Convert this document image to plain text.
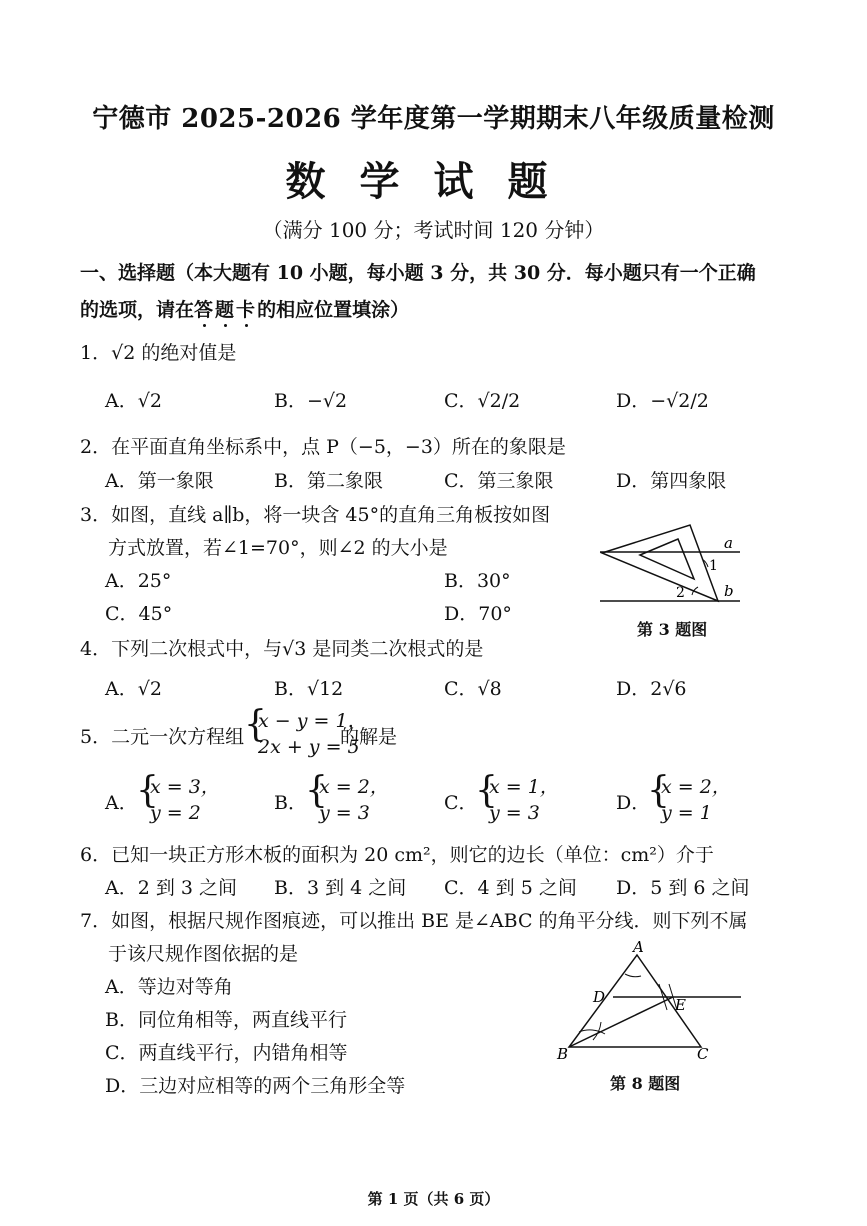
宁德市 2025-2026 学年度第一学期期末八年级质量检测
数学试题
（满分 100 分；考试时间 120 分钟）
一、选择题（本大题有 10 小题，每小题 3 分，共 30 分．每小题只有一个正确
的选项，请在答题卡的相应位置填涂）
1．√2 的绝对值是
A．√2	B．−√2	C．√2/2	D．−√2/2
2．在平面直角坐标系中，点 P（−5，−3）所在的象限是
A．第一象限	B．第二象限	C．第三象限	D．第四象限
3．如图，直线 a∥b，将一块含 45°的直角三角板按如图
方式放置，若∠1=70°，则∠2 的大小是
A．25°	B．30°
C．45°	D．70°
a
b
1
2
第 3 题图
4．下列二次根式中，与√3 是同类二次根式的是
A．√2	B．√12	C．√8	D．2√6
5．二元一次方程组 {
x − y = 1，
2x + y = 5
的解是
A．
{
x = 3，
y = 2	B．
{
x = 2，
y = 3	C．
{
x = 1，
y = 3	D．
{
x = 2，
y = 1
6．已知一块正方形木板的面积为 20 cm²，则它的边长（单位：cm²）介于
A．2 到 3 之间 B．3 到 4 之间 C．4 到 5 之间 D．5 到 6 之间
7．如图，根据尺规作图痕迹，可以推出 BE 是∠ABC 的角平分线．则下列不属
于该尺规作图依据的是
A．等边对等角
B．同位角相等，两直线平行
C．两直线平行，内错角相等
D．三边对应相等的两个三角形全等
A
B	C
D	E
第 8 题图
第 1 页（共 6 页）
